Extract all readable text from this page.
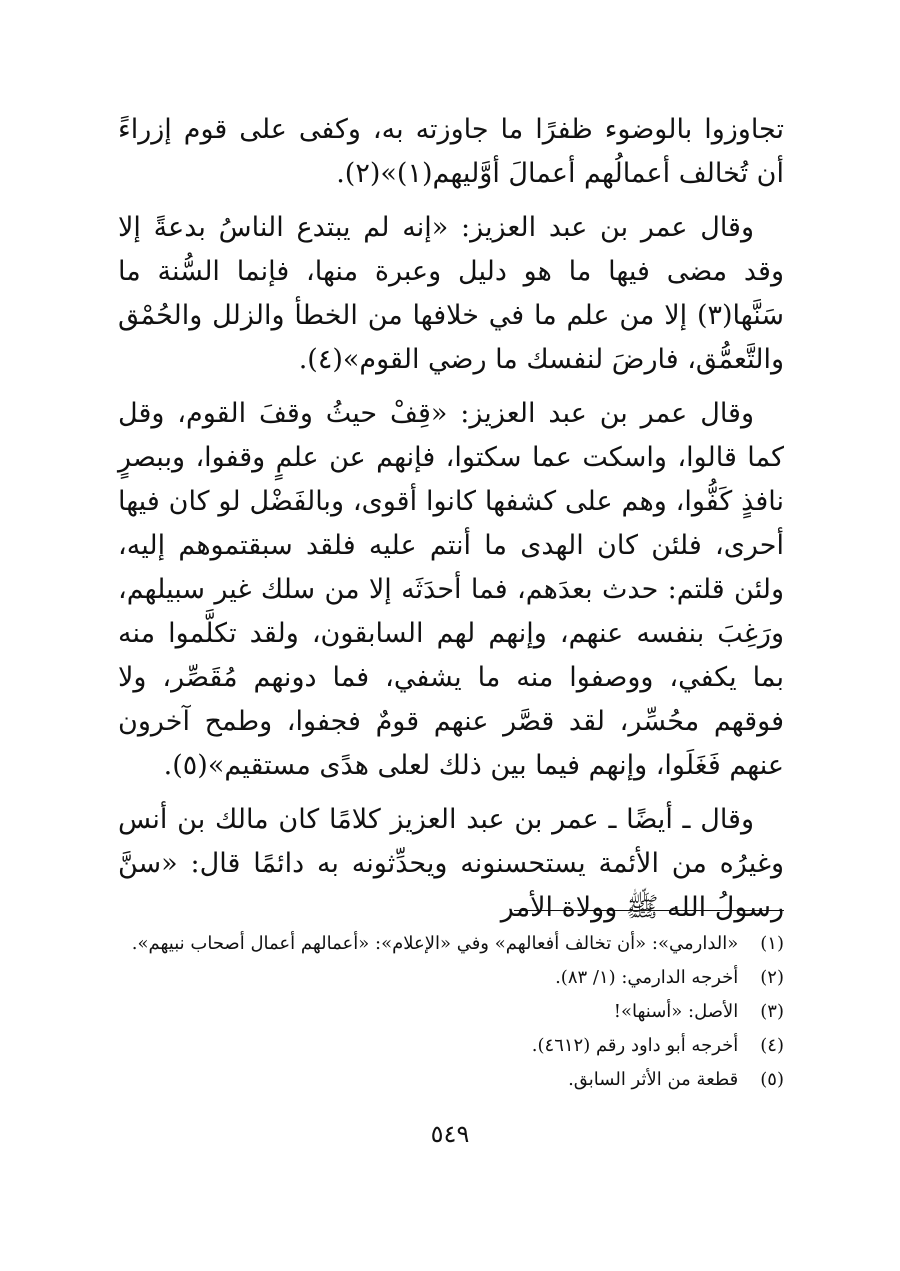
تجاوزوا بالوضوء ظفرًا ما جاوزته به، وكفى على قوم إزراءً أن تُخالف أعمالُهم أعمالَ أوَّليهم(١)»(٢).

وقال عمر بن عبد العزيز: «إنه لم يبتدع الناسُ بدعةً إلا وقد مضى فيها ما هو دليل وعبرة منها، فإنما السُّنة ما سَنَّها(٣) إلا من علم ما في خلافها من الخطأ والزلل والحُمْق والتَّعمُّق، فارضَ لنفسك ما رضي القوم»(٤).

وقال عمر بن عبد العزيز: «قِفْ حيثُ وقفَ القوم، وقل كما قالوا، واسكت عما سكتوا، فإنهم عن علمٍ وقفوا، وببصرٍ نافذٍ كَفُّوا، وهم على كشفها كانوا أقوى، وبالفَضْل لو كان فيها أحرى، فلئن كان الهدى ما أنتم عليه فلقد سبقتموهم إليه، ولئن قلتم: حدث بعدَهم، فما أحدَثَه إلا من سلك غير سبيلهم، ورَغِبَ بنفسه عنهم، وإنهم لهم السابقون، ولقد تكلَّموا منه بما يكفي، ووصفوا منه ما يشفي، فما دونهم مُقَصِّر، ولا فوقهم محُسِّر، لقد قصَّر عنهم قومٌ فجفوا، وطمح آخرون عنهم فَغَلَوا، وإنهم فيما بين ذلك لعلى هدًى مستقيم»(٥).

وقال ـ أيضًا ـ عمر بن عبد العزيز كلامًا كان مالك بن أنس وغيرُه من الأئمة يستحسنونه ويحدِّثونه به دائمًا قال: «سنَّ رسولُ الله ﷺ وولاة الأمر

(١) «الدارمي»: «أن تخالف أفعالهم» وفي «الإعلام»: «أعمالهم أعمال أصحاب نبيهم».
(٢) أخرجه الدارمي: (١/ ٨٣).
(٣) الأصل: «أسنها»!
(٤) أخرجه أبو داود رقم (٤٦١٢).
(٥) قطعة من الأثر السابق.
٥٤٩
